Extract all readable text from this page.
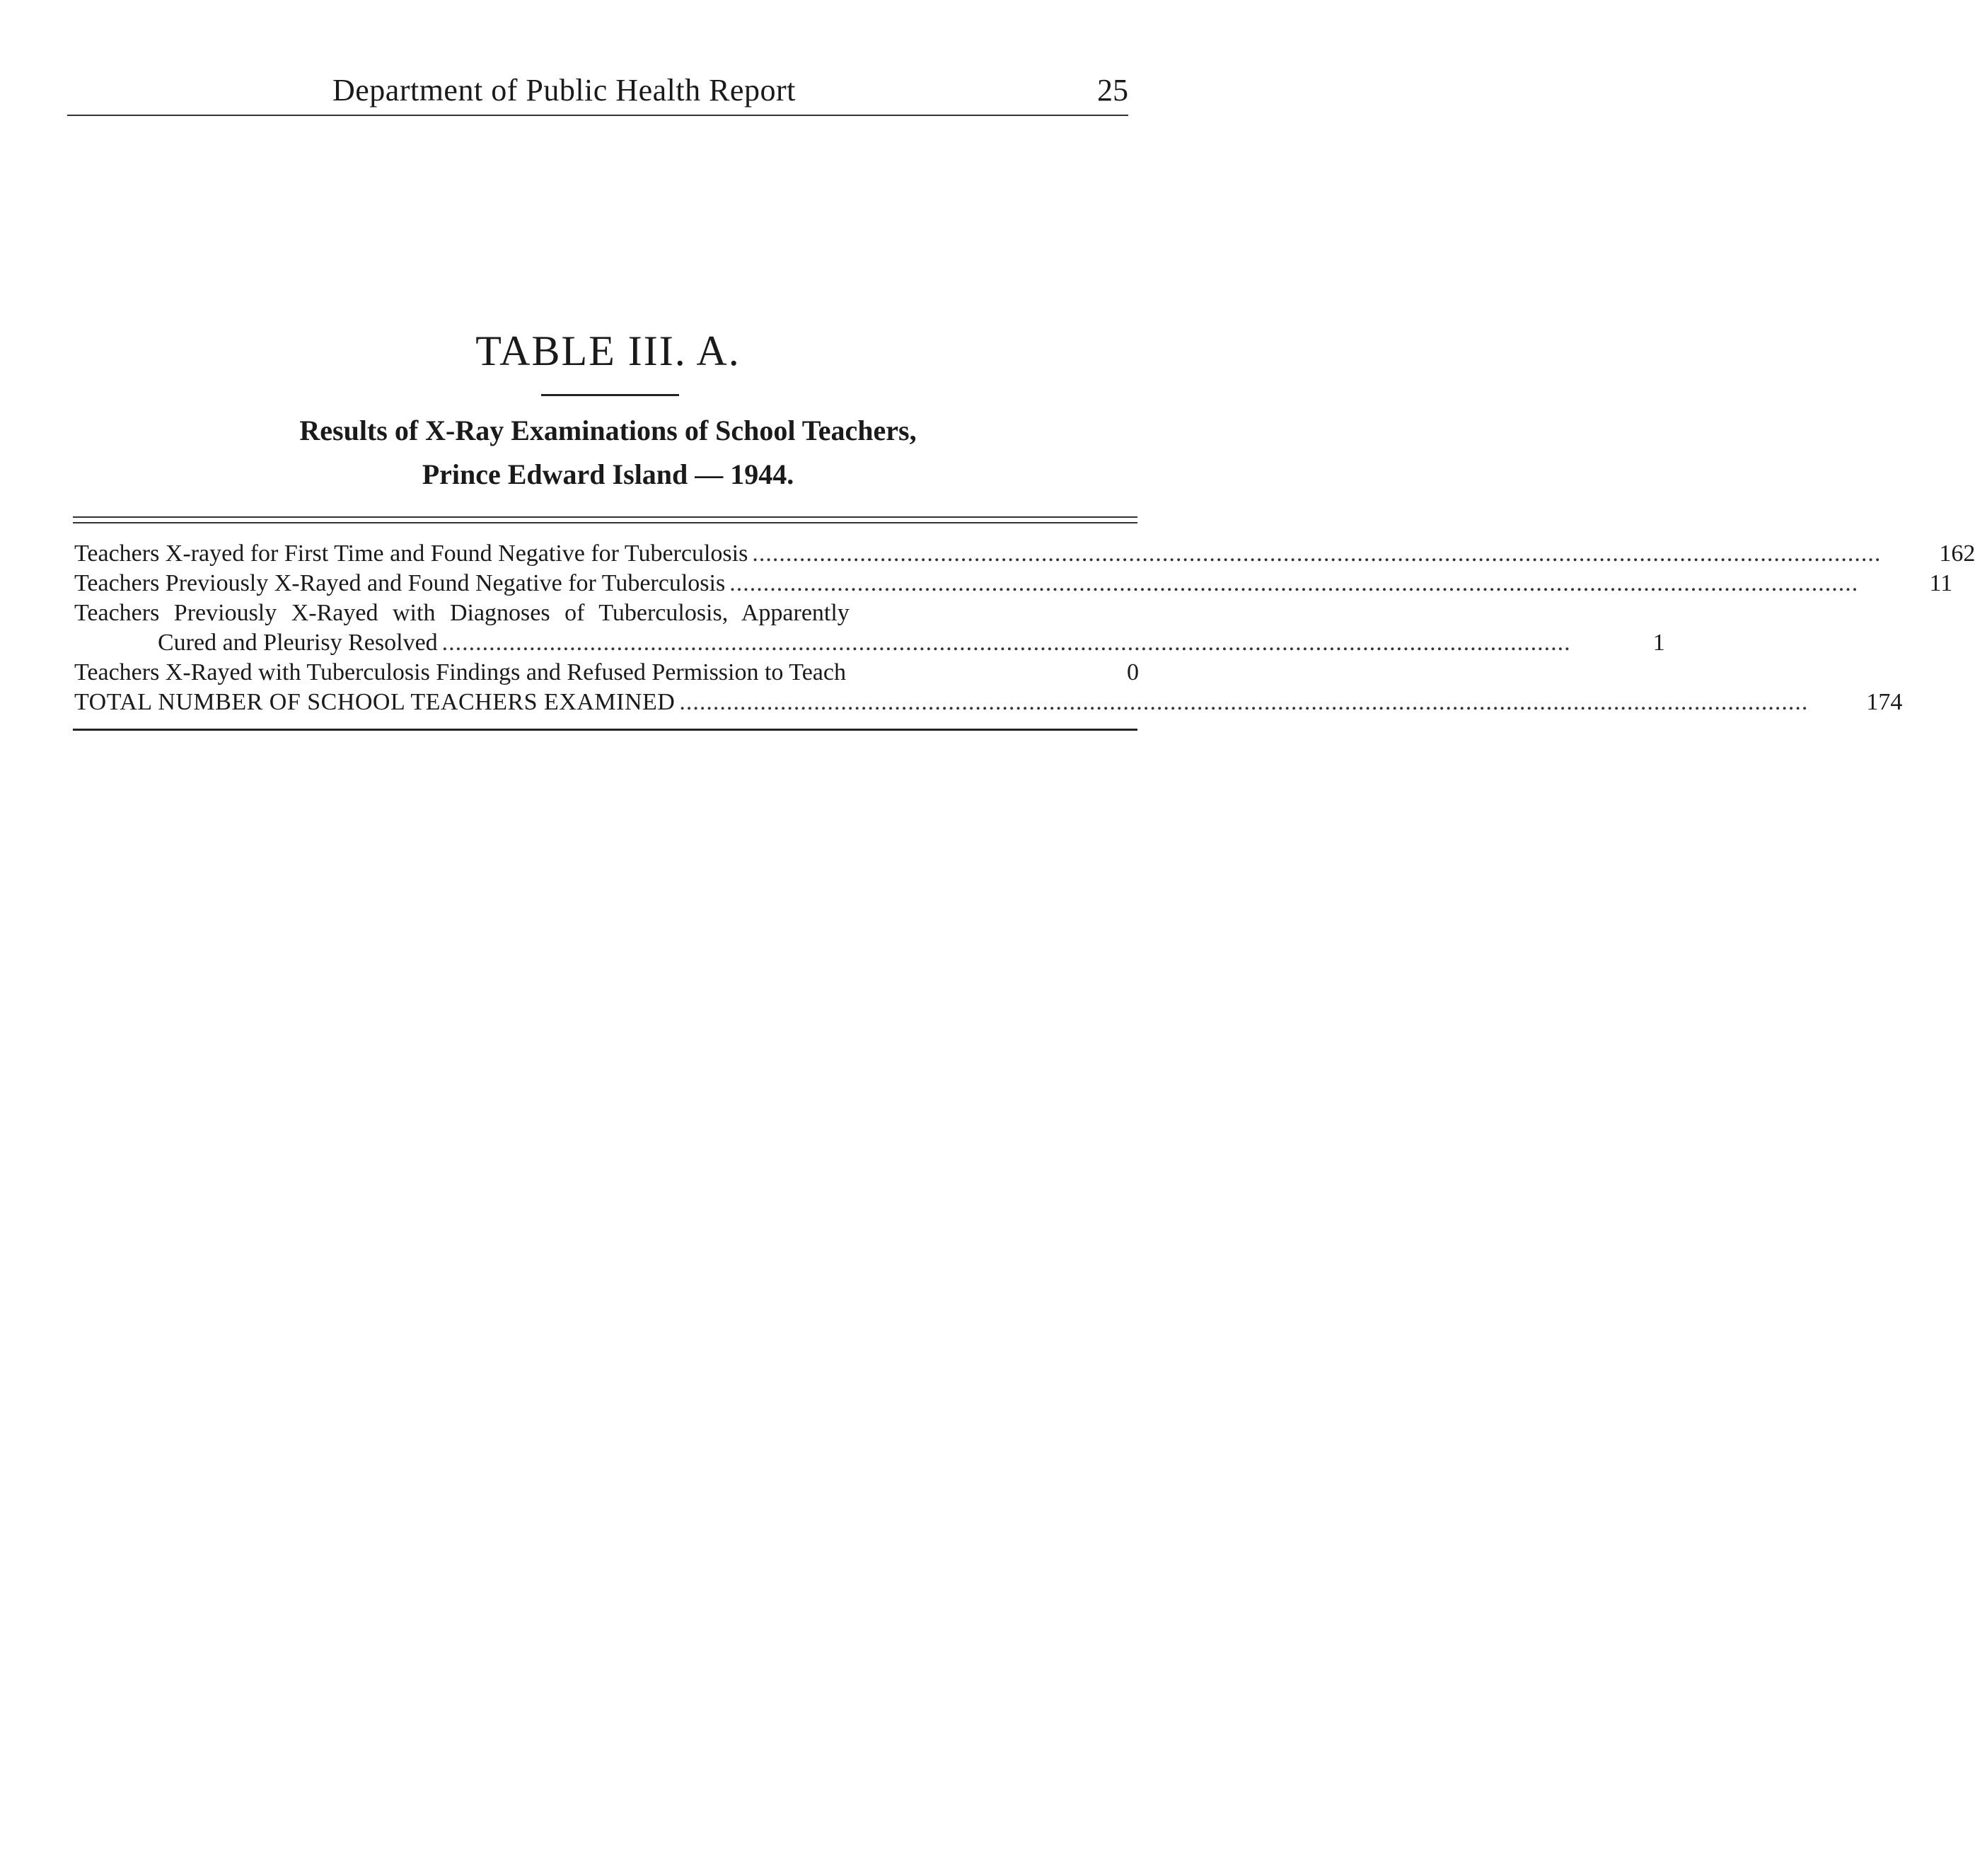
Department of Public Health Report	25
TABLE III. A.
Results of X-Ray Examinations of School Teachers,
Prince Edward Island — 1944.
Teachers X-rayed for First Time and Found Negative for Tuberculosis ........................................................................................................................................................................	162
Teachers Previously X-Rayed and Found Negative for Tuberculosis ........................................................................................................................................................................	11
Teachers Previously X-Rayed with Diagnoses of Tuberculosis, Apparently
Cured and Pleurisy Resolved ........................................................................................................................................................................	1
Teachers X-Rayed with Tuberculosis Findings and Refused Permission to Teach	0
TOTAL NUMBER OF SCHOOL TEACHERS EXAMINED ........................................................................................................................................................................	174
